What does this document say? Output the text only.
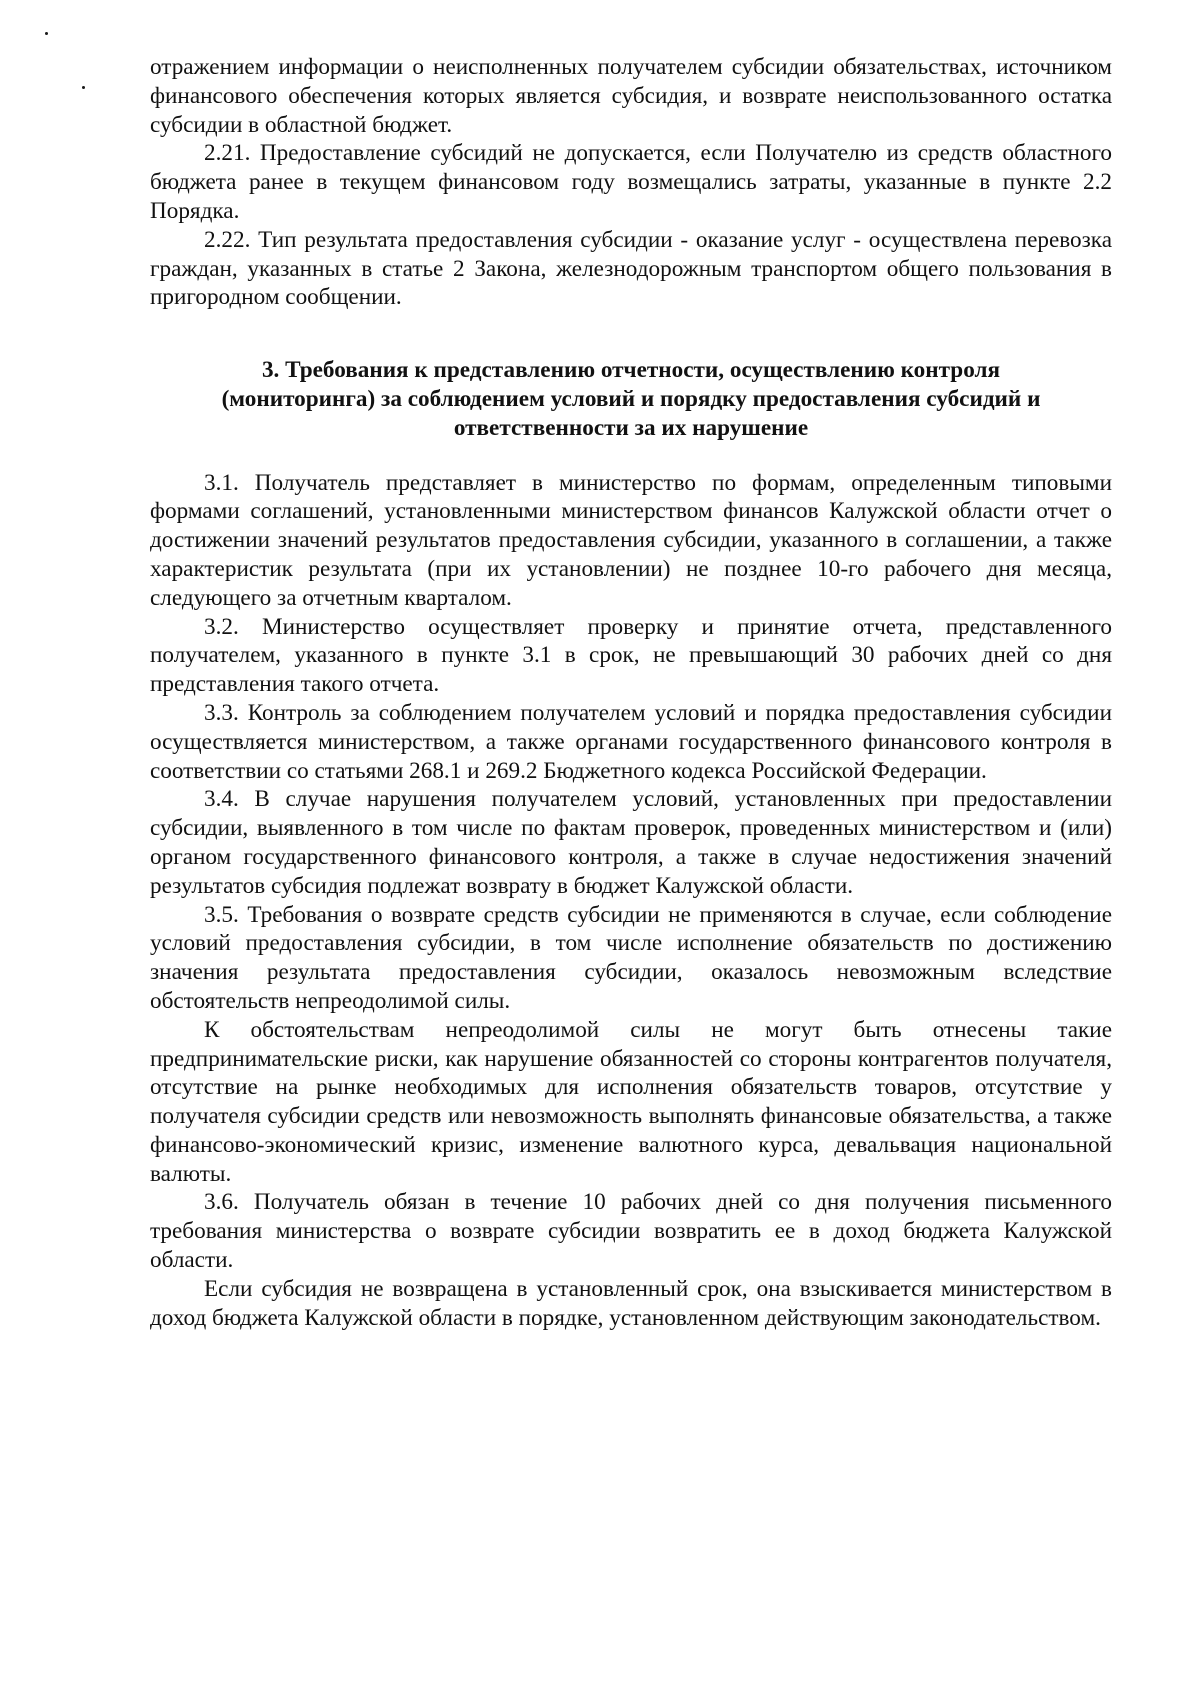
отражением информации о неисполненных получателем субсидии обязательствах, источником финансового обеспечения которых является субсидия, и возврате неиспользованного остатка субсидии в областной бюджет.

2.21. Предоставление субсидий не допускается, если Получателю из средств областного бюджета ранее в текущем финансовом году возмещались затраты, указанные в пункте 2.2 Порядка.

2.22. Тип результата предоставления субсидии - оказание услуг - осуществлена перевозка граждан, указанных в статье 2 Закона, железнодорожным транспортом общего пользования в пригородном сообщении.

3. Требования к представлению отчетности, осуществлению контроля
(мониторинга) за соблюдением условий и порядку предоставления субсидий и
ответственности за их нарушение

3.1. Получатель представляет в министерство по формам, определенным типовыми формами соглашений, установленными министерством финансов Калужской области отчет о достижении значений результатов предоставления субсидии, указанного в соглашении, а также характеристик результата (при их установлении) не позднее 10-го рабочего дня месяца, следующего за отчетным кварталом.

3.2. Министерство осуществляет проверку и принятие отчета, представленного получателем, указанного в пункте 3.1 в срок, не превышающий 30 рабочих дней со дня представления такого отчета.

3.3. Контроль за соблюдением получателем условий и порядка предоставления субсидии осуществляется министерством, а также органами государственного финансового контроля в соответствии со статьями 268.1 и 269.2 Бюджетного кодекса Российской Федерации.

3.4. В случае нарушения получателем условий, установленных при предоставлении субсидии, выявленного в том числе по фактам проверок, проведенных министерством и (или) органом государственного финансового контроля, а также в случае недостижения значений результатов субсидия подлежат возврату в бюджет Калужской области.

3.5. Требования о возврате средств субсидии не применяются в случае, если соблюдение условий предоставления субсидии, в том числе исполнение обязательств по достижению значения результата предоставления субсидии, оказалось невозможным вследствие обстоятельств непреодолимой силы.

К обстоятельствам непреодолимой силы не могут быть отнесены такие предпринимательские риски, как нарушение обязанностей со стороны контрагентов получателя, отсутствие на рынке необходимых для исполнения обязательств товаров, отсутствие у получателя субсидии средств или невозможность выполнять финансовые обязательства, а также финансово-экономический кризис, изменение валютного курса, девальвация национальной валюты.

3.6. Получатель обязан в течение 10 рабочих дней со дня получения письменного требования министерства о возврате субсидии возвратить ее в доход бюджета Калужской области.

Если субсидия не возвращена в установленный срок, она взыскивается министерством в доход бюджета Калужской области в порядке, установленном действующим законодательством.
